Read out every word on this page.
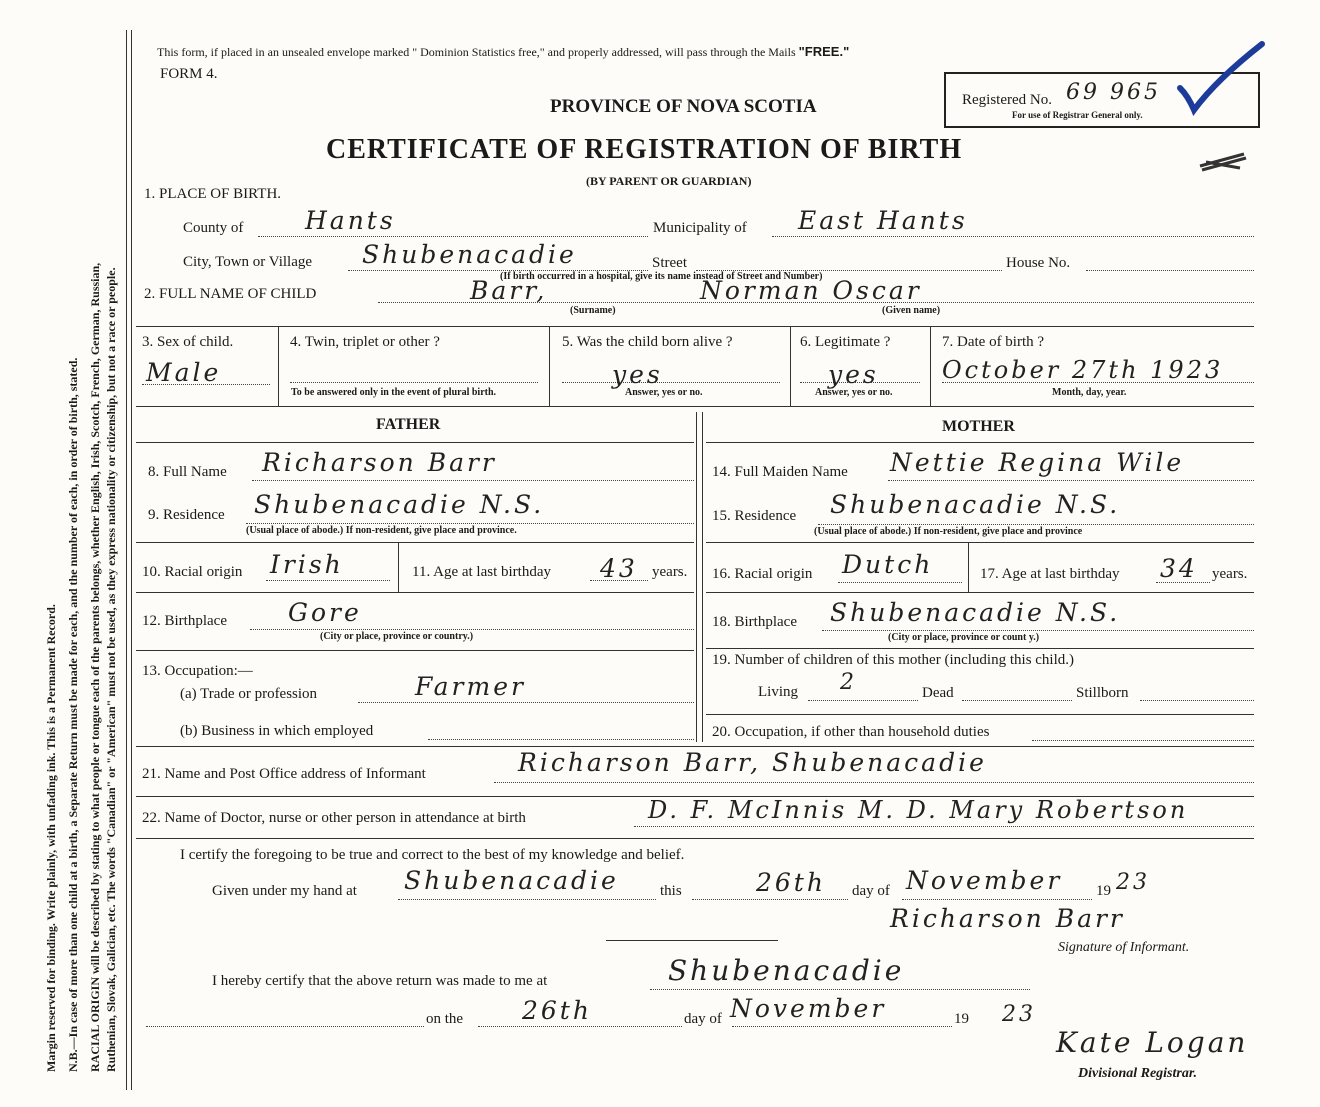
Margin reserved for binding. Write plainly, with unfading ink. This is a Permanent Record. N.B.—In case of more than one child at a birth, a Separate Return must be made for each, and the number of each, in order of birth, stated. RACIAL ORIGIN will be described by stating to what people or tongue each of the parents belongs, whether English, Irish, Scotch, French, German, Russian, Ruthenian, Slovak, Galician, etc. The words "Canadian" or "American" must not be used, as they express nationality or citizenship, but not a race or people.
This form, if placed in an unsealed envelope marked " Dominion Statistics free," and properly addressed, will pass through the Mails "FREE."
FORM 4.
PROVINCE OF NOVA SCOTIA
CERTIFICATE OF REGISTRATION OF BIRTH
(BY PARENT OR GUARDIAN)
Registered No. 69 965
For use of Registrar General only.
1. PLACE OF BIRTH.
County of Hants	Municipality of East Hants
City, Town or Village Shubenacadie	Street	House No.
(If birth occurred in a hospital, give its name instead of Street and Number)
2. FULL NAME OF CHILD	Barr,	Norman Oscar
(Surname)	(Given name)
3. Sex of child.
Male
4. Twin, triplet or other ?
To be answered only in the event of plural birth.
5. Was the child born alive ?
yes
Answer, yes or no.
6. Legitimate ?
yes
Answer, yes or no.
7. Date of birth ?
October 27th 1923
Month, day, year.
FATHER	MOTHER
8. Full Name Richarson Barr
9. Residence Shubenacadie N.S.
(Usual place of abode.) If non-resident, give place and province.
10. Racial origin Irish	11. Age at last birthday 43 years.
12. Birthplace Gore
(City or place, province or country.)
13. Occupation:—
(a) Trade or profession	Farmer
(b) Business in which employed
14. Full Maiden Name Nettie Regina Wile
15. Residence Shubenacadie N.S.
(Usual place of abode.) If non-resident, give place and province
16. Racial origin Dutch	17. Age at last birthday 34 years.
18. Birthplace Shubenacadie N.S.
(City or place, province or count y.)
19. Number of children of this mother (including this child.)
Living 2	Dead	Stillborn
20. Occupation, if other than household duties
21. Name and Post Office address of Informant	Richarson Barr, Shubenacadie
22. Name of Doctor, nurse or other person in attendance at birth	D. F. McInnis M. D. Mary Robertson
I certify the foregoing to be true and correct to the best of my knowledge and belief.
Given under my hand at Shubenacadie	this	26th day of November 19 23
Richarson Barr
Signature of Informant.
I hereby certify that the above return was made to me at	Shubenacadie
on the 26th	day of November	19 23
Kate Logan
Divisional Registrar.
